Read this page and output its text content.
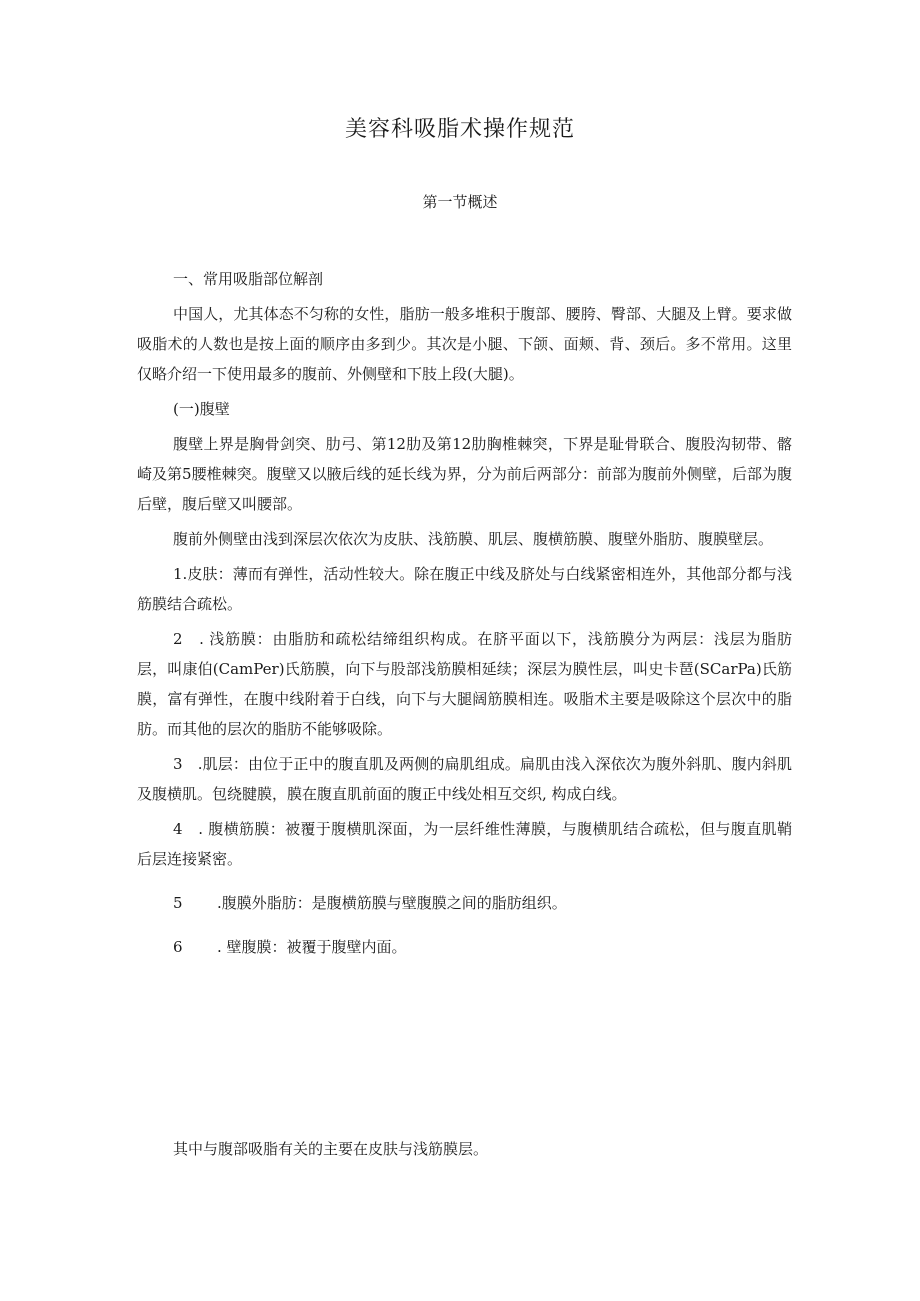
美容科吸脂术操作规范
第一节概述

一、常用吸脂部位解剖

中国人，尤其体态不匀称的女性，脂肪一般多堆积于腹部、腰胯、臀部、大腿及上臂。要求做吸脂术的人数也是按上面的顺序由多到少。其次是小腿、下颌、面颊、背、颈后。多不常用。这里仅略介绍一下使用最多的腹前、外侧壁和下肢上段(大腿)。

(一)腹壁

腹壁上界是胸骨剑突、肋弓、第12肋及第12肋胸椎棘突，下界是耻骨联合、腹股沟韧带、髂崎及第5腰椎棘突。腹壁又以腋后线的延长线为界，分为前后两部分：前部为腹前外侧壁，后部为腹后壁，腹后壁又叫腰部。

腹前外侧壁由浅到深层次依次为皮肤、浅筋膜、肌层、腹横筋膜、腹壁外脂肪、腹膜壁层。

1.皮肤：薄而有弹性，活动性较大。除在腹正中线及脐处与白线紧密相连外，其他部分都与浅筋膜结合疏松。

2　. 浅筋膜：由脂肪和疏松结缔组织构成。在脐平面以下，浅筋膜分为两层：浅层为脂肪层，叫康伯(CamPer)氏筋膜，向下与股部浅筋膜相延续；深层为膜性层，叫史卡琶(SCarPa)氏筋膜，富有弹性，在腹中线附着于白线，向下与大腿阔筋膜相连。吸脂术主要是吸除这个层次中的脂肪。而其他的层次的脂肪不能够吸除。

3　.肌层：由位于正中的腹直肌及两侧的扁肌组成。扁肌由浅入深依次为腹外斜肌、腹内斜肌及腹横肌。包绕腱膜，膜在腹直肌前面的腹正中线处相互交织, 构成白线。

4　. 腹横筋膜：被覆于腹横肌深面，为一层纤维性薄膜，与腹横肌结合疏松，但与腹直肌鞘后层连接紧密。

5 .腹膜外脂肪：是腹横筋膜与壁腹膜之间的脂肪组织。

6 . 壁腹膜：被覆于腹壁内面。

其中与腹部吸脂有关的主要在皮肤与浅筋膜层。
